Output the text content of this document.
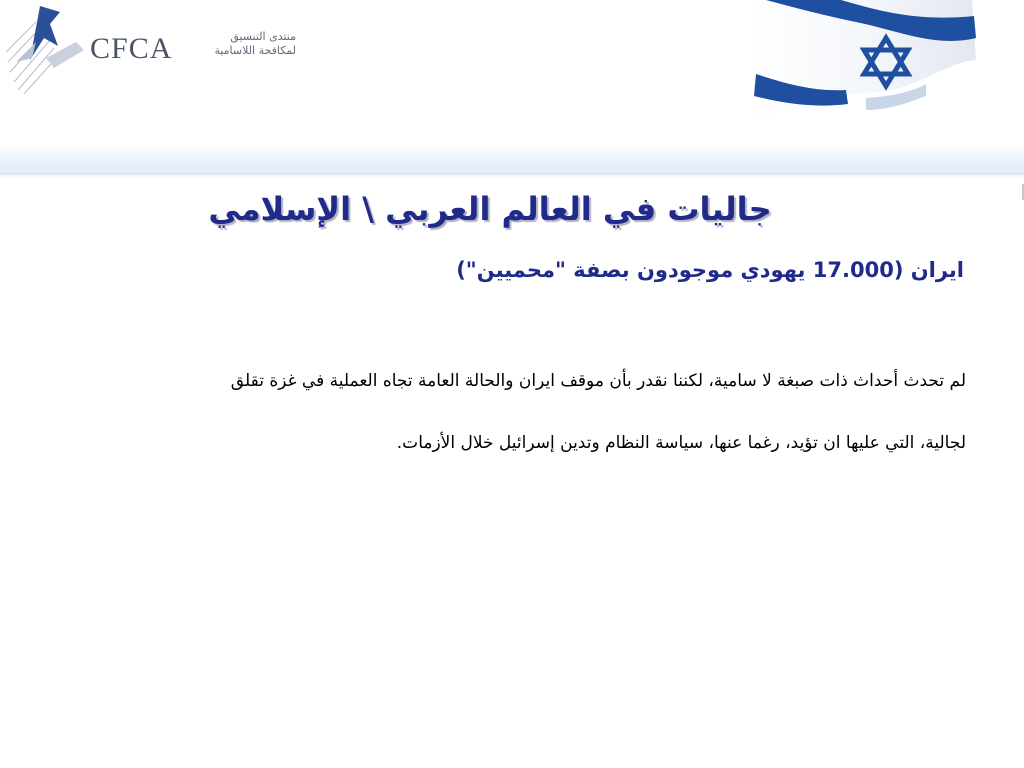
CFCA	منتدى التنسيق لمكافحة اللاسامية
جاليات في العالم العربي \ الإسلامي

ايران (17.000 يهودي موجودون بصفة "محميين")

لم تحدث أحداث ذات صبغة لا سامية، لكننا نقدر بأن موقف ايران والحالة العامة تجاه العملية في غزة تقلق
لجالية، التي عليها ان تؤيد، رغما عنها، سياسة النظام وتدين إسرائيل خلال الأزمات.
